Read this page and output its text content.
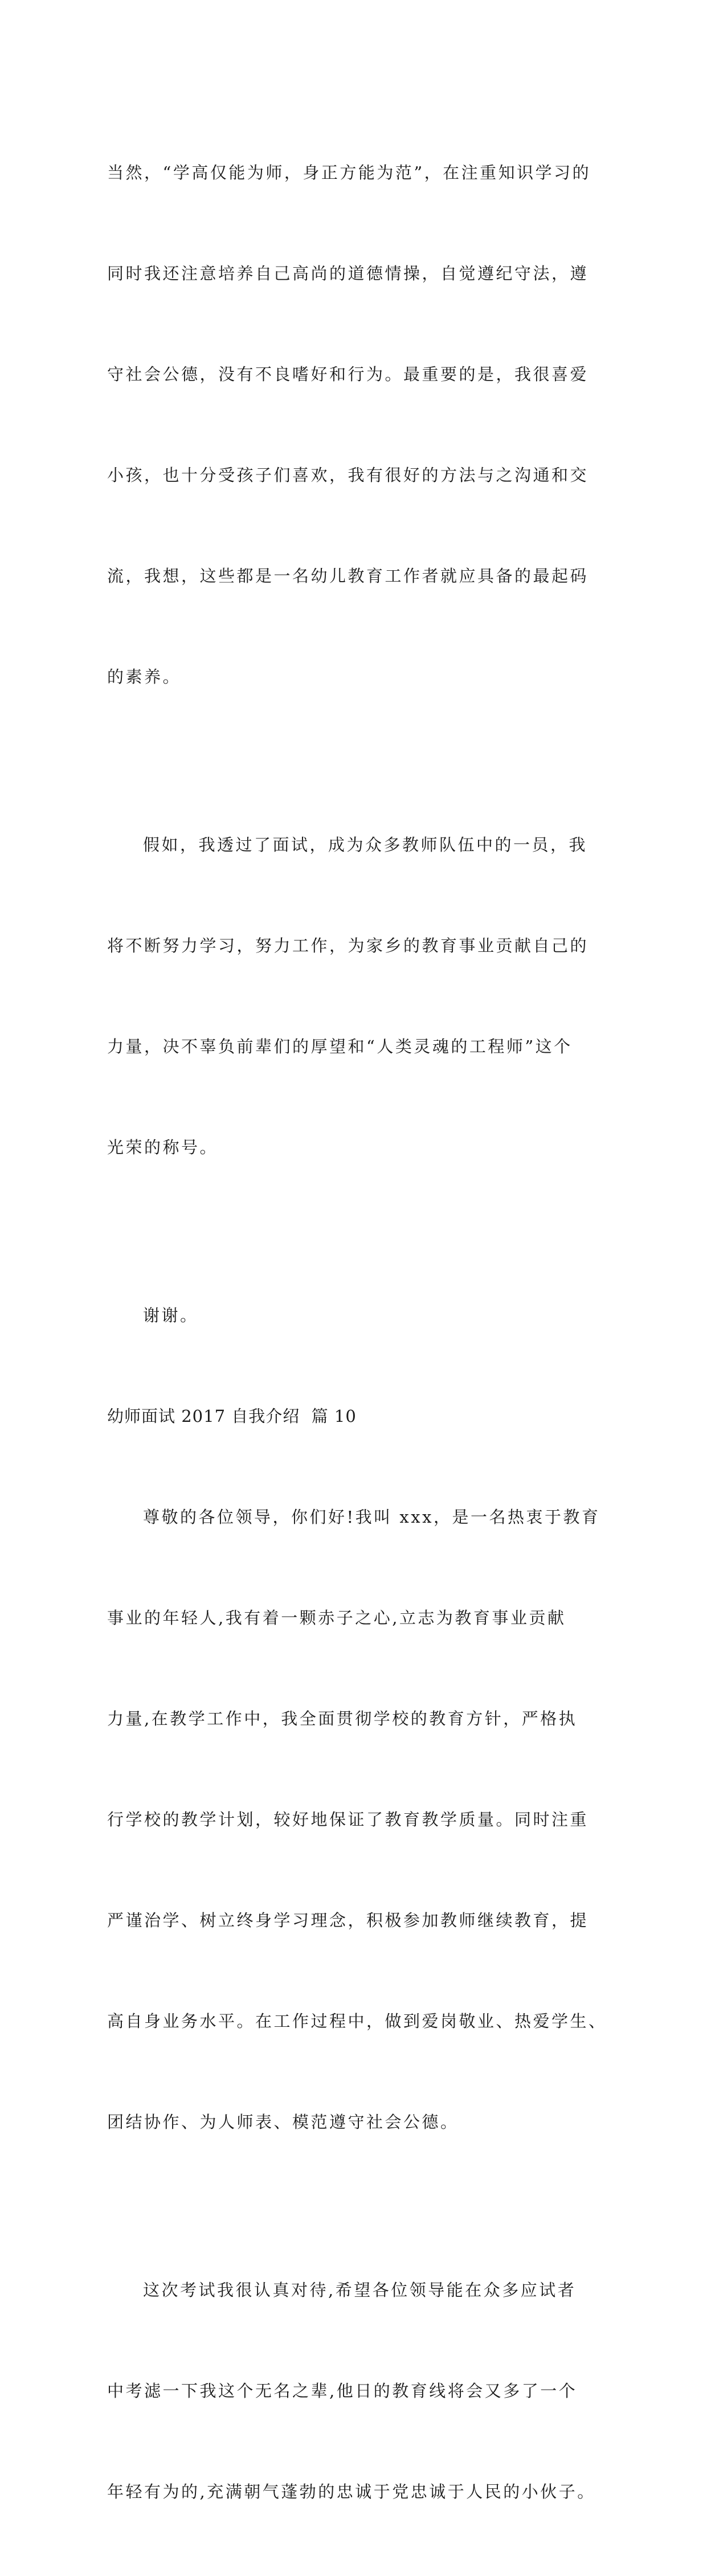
当然，“学高仅能为师，身正方能为范”，在注重知识学习的

同时我还注意培养自己高尚的道德情操，自觉遵纪守法，遵

守社会公德，没有不良嗜好和行为。最重要的是，我很喜爱

小孩，也十分受孩子们喜欢，我有很好的方法与之沟通和交

流，我想，这些都是一名幼儿教育工作者就应具备的最起码

的素养。

假如，我透过了面试，成为众多教师队伍中的一员，我

将不断努力学习，努力工作，为家乡的教育事业贡献自己的

力量，决不辜负前辈们的厚望和“人类灵魂的工程师”这个

光荣的称号。

谢谢。

幼师面试 2017 自我介绍  篇 10

尊敬的各位领导，你们好!我叫 xxx，是一名热衷于教育

事业的年轻人,我有着一颗赤子之心,立志为教育事业贡献

力量,在教学工作中，我全面贯彻学校的教育方针，严格执

行学校的教学计划，较好地保证了教育教学质量。同时注重

严谨治学、树立终身学习理念，积极参加教师继续教育，提

高自身业务水平。在工作过程中，做到爱岗敬业、热爱学生、

团结协作、为人师表、模范遵守社会公德。

这次考试我很认真对待,希望各位领导能在众多应试者

中考滤一下我这个无名之辈,他日的教育线将会又多了一个

年轻有为的,充满朝气蓬勃的忠诚于党忠诚于人民的小伙子。
